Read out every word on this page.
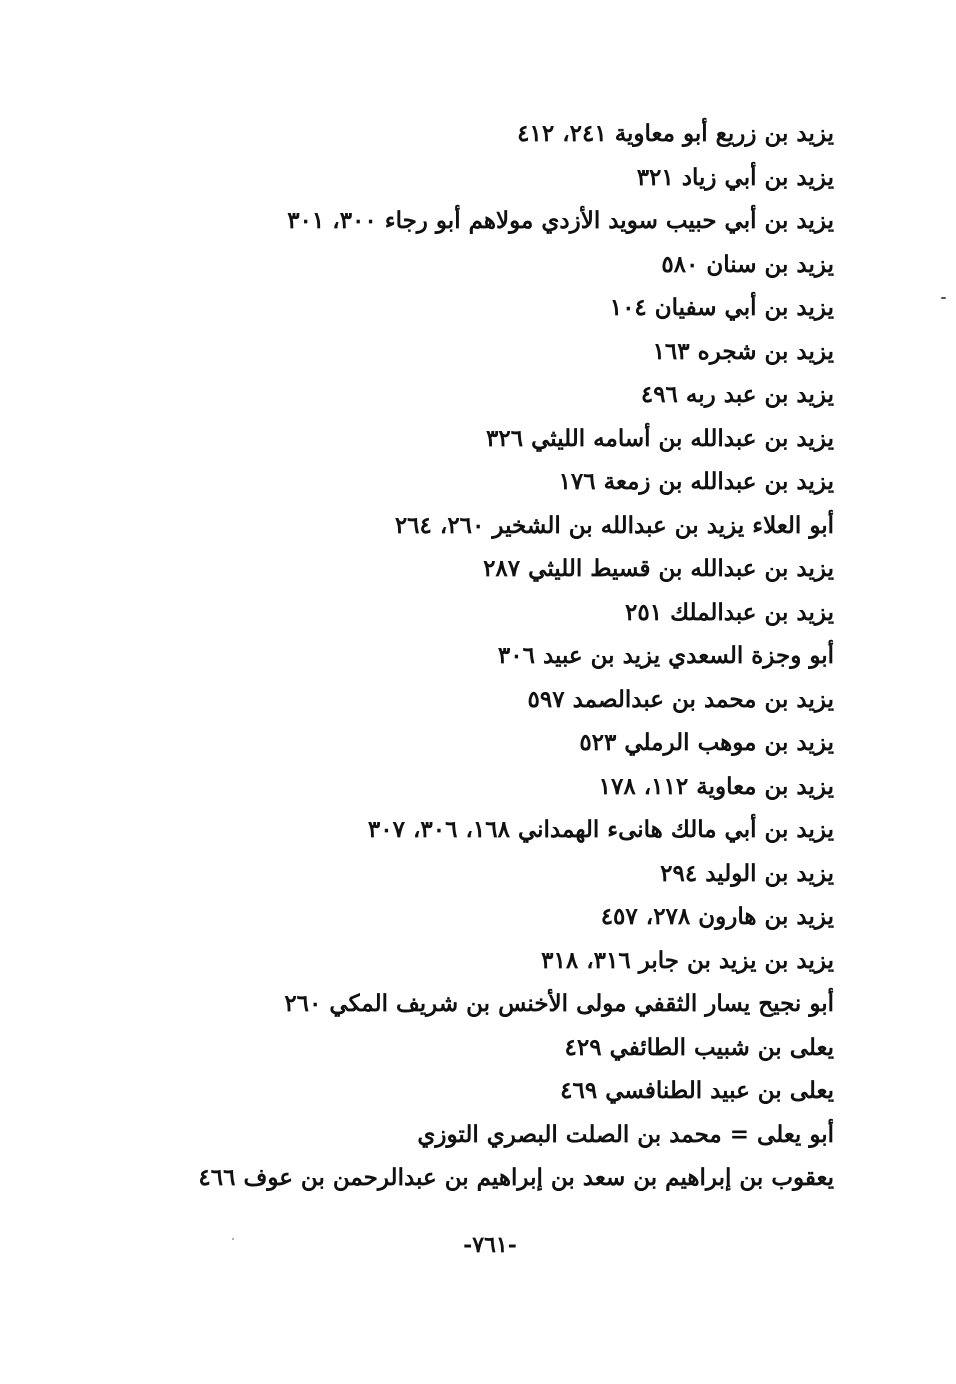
يزيد بن زريع أبو معاوية ٢٤١، ٤١٢
يزيد بن أبي زياد ٣٢١
يزيد بن أبي حبيب سويد الأزدي مولاهم أبو رجاء ٣٠٠، ٣٠١
يزيد بن سنان ٥٨٠
يزيد بن أبي سفيان ١٠٤
يزيد بن شجره ١٦٣
يزيد بن عبد ربه ٤٩٦
يزيد بن عبدالله بن أسامه الليثي ٣٢٦
يزيد بن عبدالله بن زمعة ١٧٦
أبو العلاء يزيد بن عبدالله بن الشخير ٢٦٠، ٢٦٤
يزيد بن عبدالله بن قسيط الليثي ٢٨٧
يزيد بن عبدالملك ٢٥١
أبو وجزة السعدي يزيد بن عبيد ٣٠٦
يزيد بن محمد بن عبدالصمد ٥٩٧
يزيد بن موهب الرملي ٥٢٣
يزيد بن معاوية ١١٢، ١٧٨
يزيد بن أبي مالك هانىء الهمداني ١٦٨، ٣٠٦، ٣٠٧
يزيد بن الوليد ٢٩٤
يزيد بن هارون ٢٧٨، ٤٥٧
يزيد بن يزيد بن جابر ٣١٦، ٣١٨
أبو نجيح يسار الثقفي مولى الأخنس بن شريف المكي ٢٦٠
يعلى بن شبيب الطائفي ٤٢٩
يعلى بن عبيد الطنافسي ٤٦٩
أبو يعلى = محمد بن الصلت البصري التوزي
يعقوب بن إبراهيم بن سعد بن إبراهيم بن عبدالرحمن بن عوف ٤٦٦
-٧٦١-
